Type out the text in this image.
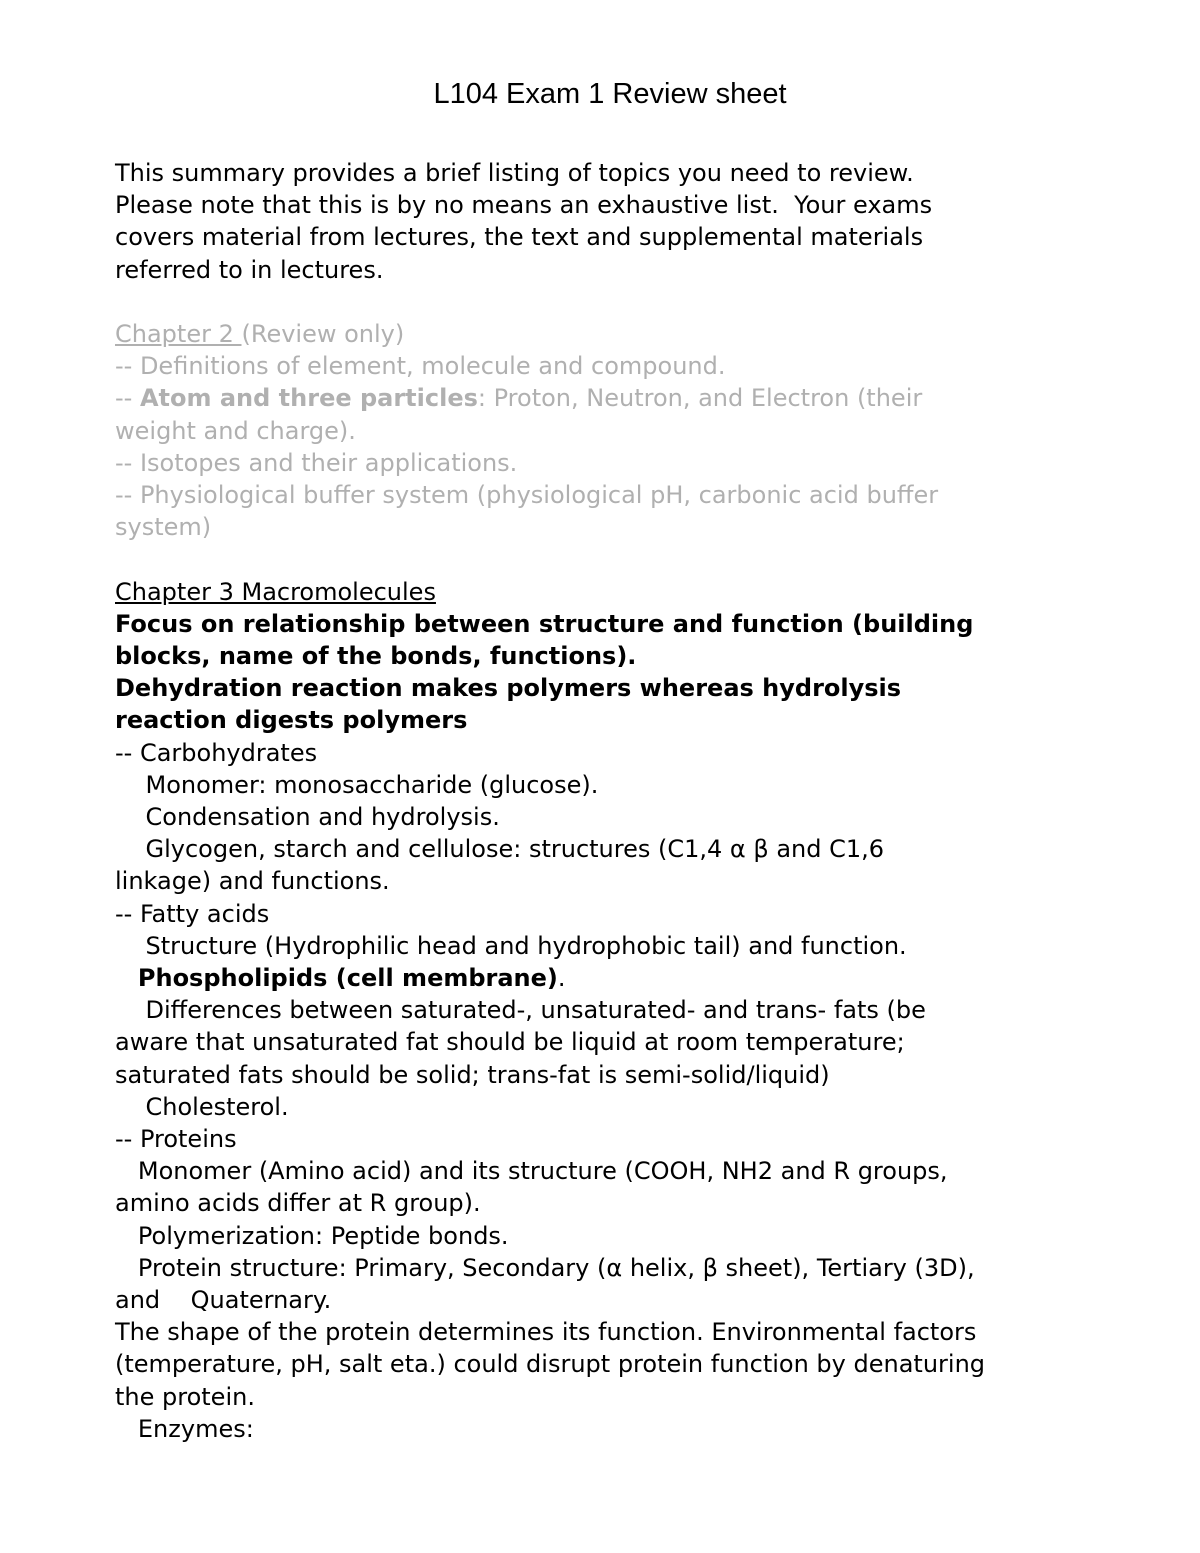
L104 Exam 1 Review sheet
This summary provides a brief listing of topics you need to review.
Please note that this is by no means an exhaustive list.  Your exams
covers material from lectures, the text and supplemental materials
referred to in lectures.
Chapter 2 (Review only)
-- Definitions of element, molecule and compound.
-- Atom and three particles: Proton, Neutron, and Electron (their
weight and charge).
-- Isotopes and their applications.
-- Physiological buffer system (physiological pH, carbonic acid buffer
system)
Chapter 3 Macromolecules
Focus on relationship between structure and function (building
blocks, name of the bonds, functions).
Dehydration reaction makes polymers whereas hydrolysis
reaction digests polymers
-- Carbohydrates
Monomer: monosaccharide (glucose).
Condensation and hydrolysis.
Glycogen, starch and cellulose: structures (C1,4 α β and C1,6
linkage) and functions.
-- Fatty acids
Structure (Hydrophilic head and hydrophobic tail) and function.
Phospholipids (cell membrane).
Differences between saturated-, unsaturated- and trans- fats (be
aware that unsaturated fat should be liquid at room temperature;
saturated fats should be solid; trans-fat is semi-solid/liquid)
Cholesterol.
-- Proteins
Monomer (Amino acid) and its structure (COOH, NH2 and R groups,
amino acids differ at R group).
Polymerization: Peptide bonds.
Protein structure: Primary, Secondary (α helix, β sheet), Tertiary (3D),
and    Quaternary.
The shape of the protein determines its function. Environmental factors
(temperature, pH, salt eta.) could disrupt protein function by denaturing
the protein.
Enzymes:
